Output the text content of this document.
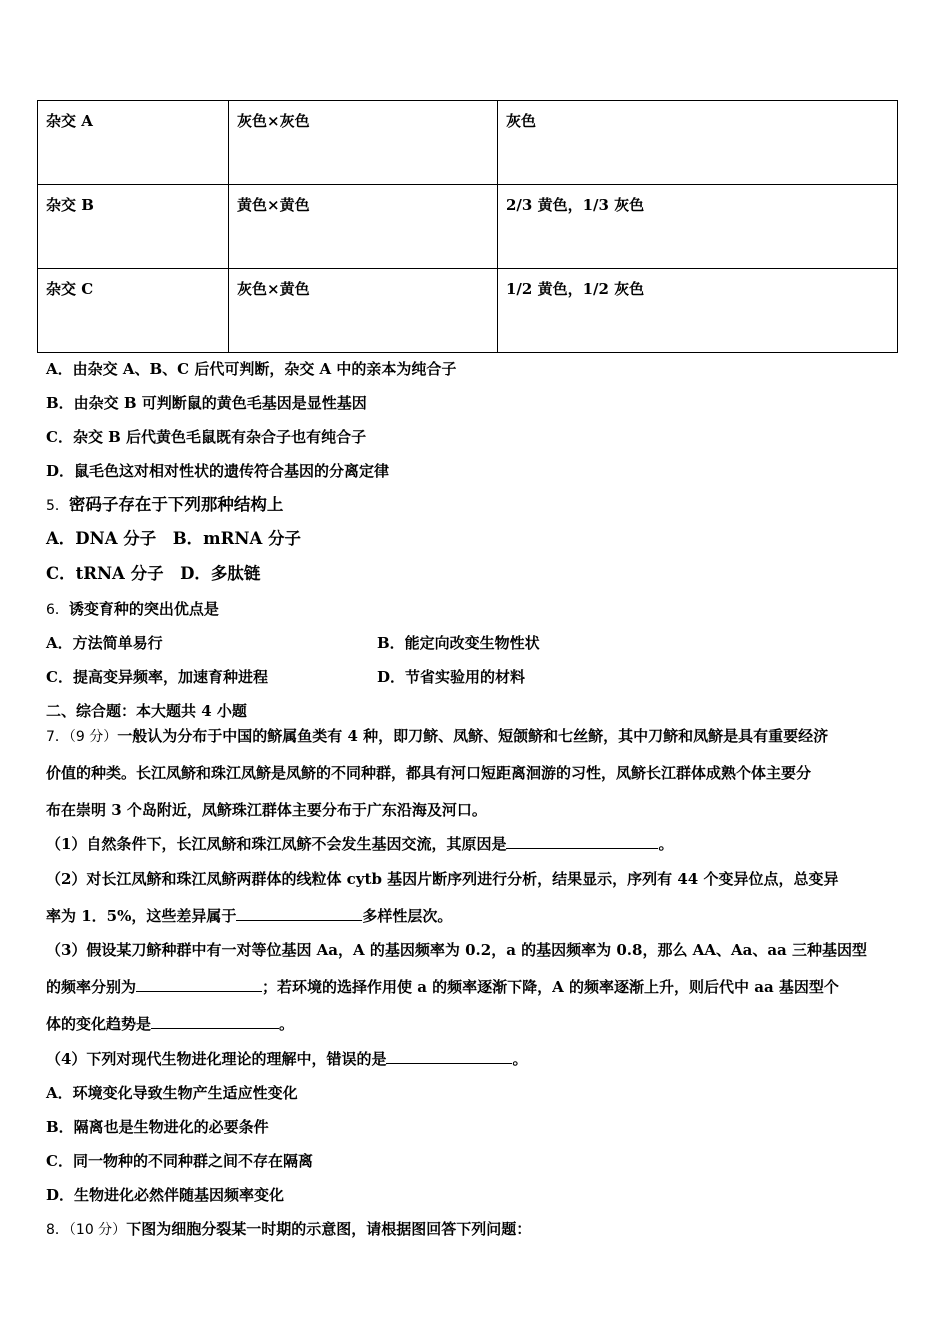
杂交 A	灰色×灰色	灰色
杂交 B	黄色×黄色	2/3 黄色，1/3 灰色
杂交 C	灰色×黄色	1/2 黄色，1/2 灰色
A．由杂交 A、B、C 后代可判断，杂交 A 中的亲本为纯合子
B．由杂交 B 可判断鼠的黄色毛基因是显性基因
C．杂交 B 后代黄色毛鼠既有杂合子也有纯合子
D．鼠毛色这对相对性状的遗传符合基因的分离定律
5．密码子存在于下列那种结构上
A．DNA 分子　B．mRNA 分子
C．tRNA 分子　D．多肽链
6．诱变育种的突出优点是
A．方法简单易行	B．能定向改变生物性状
C．提高变异频率，加速育种进程	D．节省实验用的材料
二、综合题：本大题共 4 小题
7．（9 分）一般认为分布于中国的鲚属鱼类有 4 种，即刀鲚、凤鲚、短颌鲚和七丝鲚，其中刀鲚和凤鲚是具有重要经济
价值的种类。长江凤鲚和珠江凤鲚是凤鲚的不同种群，都具有河口短距离洄游的习性，凤鲚长江群体成熟个体主要分
布在崇明 3 个岛附近，凤鲚珠江群体主要分布于广东沿海及河口。
（1）自然条件下，长江凤鲚和珠江凤鲚不会发生基因交流，其原因是	。
（2）对长江凤鲚和珠江凤鲚两群体的线粒体 cytb 基因片断序列进行分析，结果显示，序列有 44 个变异位点，总变异
率为 1．5%，这些差异属于	多样性层次。
（3）假设某刀鲚种群中有一对等位基因 Aa，A 的基因频率为 0.2，a 的基因频率为 0.8，那么 AA、Aa、aa 三种基因型
的频率分别为	；若环境的选择作用使 a 的频率逐渐下降，A 的频率逐渐上升，则后代中 aa 基因型个
体的变化趋势是	。
（4）下列对现代生物进化理论的理解中，错误的是	。
A．环境变化导致生物产生适应性变化
B．隔离也是生物进化的必要条件
C．同一物种的不同种群之间不存在隔离
D．生物进化必然伴随基因频率变化
8．（10 分）下图为细胞分裂某一时期的示意图，请根据图回答下列问题：
